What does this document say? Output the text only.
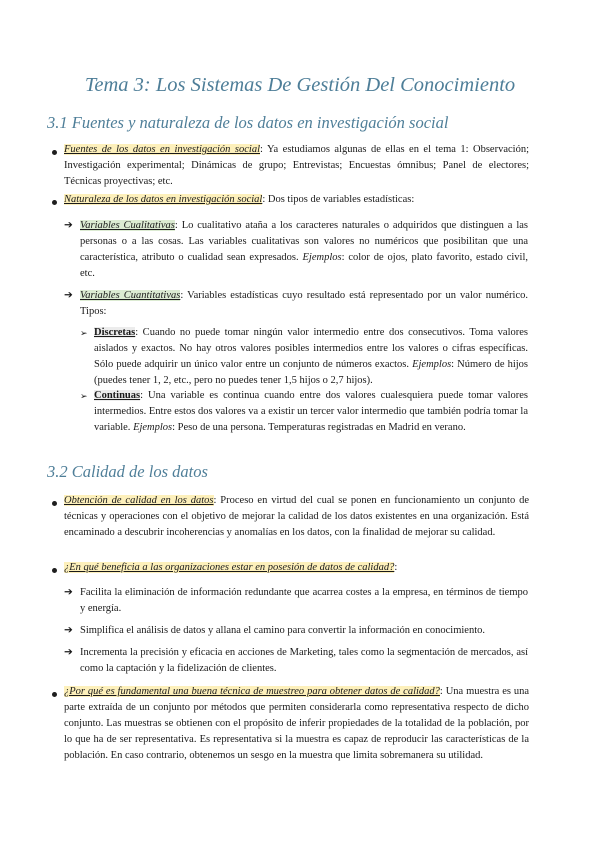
Tema 3: Los Sistemas De Gestión Del Conocimiento
3.1 Fuentes y naturaleza de los datos en investigación social

Fuentes de los datos en investigación social: Ya estudiamos algunas de ellas en el tema 1: Observación; Investigación experimental; Dinámicas de grupo; Entrevistas; Encuestas ómnibus; Panel de electores; Técnicas proyectivas; etc.

Naturaleza de los datos en investigación social: Dos tipos de variables estadísticas:

➔ Variables Cualitativas: Lo cualitativo ataña a los caracteres naturales o adquiridos que distinguen a las personas o a las cosas. Las variables cualitativas son valores no numéricos que posibilitan que una característica, atributo o cualidad sean expresados. Ejemplos: color de ojos, plato favorito, estado civil, etc.

➔ Variables Cuantitativas: Variables estadísticas cuyo resultado está representado por un valor numérico. Tipos:

➢ Discretas: Cuando no puede tomar ningún valor intermedio entre dos consecutivos. Toma valores aislados y exactos. No hay otros valores posibles intermedios entre los valores o cifras específicas. Sólo puede adquirir un único valor entre un conjunto de números exactos. Ejemplos: Número de hijos (puedes tener 1, 2, etc., pero no puedes tener 1,5 hijos o 2,7 hijos).

➢ Continuas: Una variable es continua cuando entre dos valores cualesquiera puede tomar valores intermedios. Entre estos dos valores va a existir un tercer valor intermedio que también podría tomar la variable. Ejemplos: Peso de una persona. Temperaturas registradas en Madrid en verano.

3.2 Calidad de los datos

Obtención de calidad en los datos: Proceso en virtud del cual se ponen en funcionamiento un conjunto de técnicas y operaciones con el objetivo de mejorar la calidad de los datos existentes en una organización. Está encaminado a descubrir incoherencias y anomalías en los datos, con la finalidad de mejorar su calidad.

¿En qué beneficia a las organizaciones estar en posesión de datos de calidad?:

➔ Facilita la eliminación de información redundante que acarrea costes a la empresa, en términos de tiempo y energía.

➔ Simplifica el análisis de datos y allana el camino para convertir la información en conocimiento.

➔ Incrementa la precisión y eficacia en acciones de Marketing, tales como la segmentación de mercados, así como la captación y la fidelización de clientes.

¿Por qué es fundamental una buena técnica de muestreo para obtener datos de calidad?: Una muestra es una parte extraída de un conjunto por métodos que permiten considerarla como representativa respecto de dicho conjunto. Las muestras se obtienen con el propósito de inferir propiedades de la totalidad de la población, por lo que ha de ser representativa. Es representativa si la muestra es capaz de reproducir las características de la población. En caso contrario, obtenemos un sesgo en la muestra que limita sobremanera su utilidad.
